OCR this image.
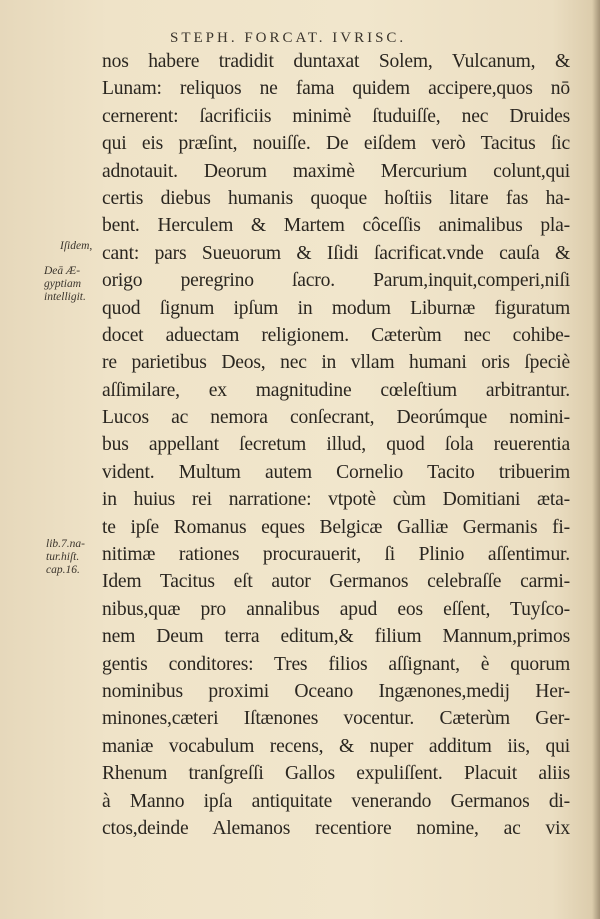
STEPH. FORCAT. IVRISC.
nos habere tradidit duntaxat Solem, Vulcanum, &
Lunam: reliquos ne fama quidem accipere,quos nō
cernerent: ſacrificiis minimè ſtuduiſſe, nec Druides
qui eis præſint, nouiſſe. De eiſdem verò Tacitus ſic
adnotauit. Deorum maximè Mercurium colunt,qui
certis diebus humanis quoque hoſtiis litare fas ha-
bent. Herculem & Martem côceſſis animalibus pla-
cant: pars Sueuorum & Iſidi ſacrificat.vnde cauſa &
origo peregrino ſacro. Parum,inquit,comperi,niſi
quod ſignum ipſum in modum Liburnæ figuratum
docet aduectam religionem. Cæterùm nec cohibe-
re parietibus Deos, nec in vllam humani oris ſpeciè
aſſimilare, ex magnitudine cœleſtium arbitrantur.
Lucos ac nemora conſecrant, Deorúmque nomini-
bus appellant ſecretum illud, quod ſola reuerentia
vident. Multum autem Cornelio Tacito tribuerim
in huius rei narratione: vtpotè cùm Domitiani æta-
te ipſe Romanus eques Belgicæ Galliæ Germanis fi-
nitimæ rationes procurauerit, ſi Plinio aſſentimur.
Idem Tacitus eſt autor Germanos celebraſſe carmi-
nibus,quæ pro annalibus apud eos eſſent, Tuyſco-
nem Deum terra editum,& filium Mannum,primos
gentis conditores: Tres filios aſſignant, è quorum
nominibus proximi Oceano Ingænones,medij Her-
minones,cæteri Iſtænones vocentur. Cæterùm Ger-
maniæ vocabulum recens, & nuper additum iis, qui
Rhenum tranſgreſſi Gallos expuliſſent. Placuit aliis
à Manno ipſa antiquitate venerando Germanos di-
ctos,deinde Alemanos recentiore nomine, ac vix
Iſidem,
Deā Æ-
gyptiam
intelligit.
lib.7.na-
tur.hiſt.
cap.16.
